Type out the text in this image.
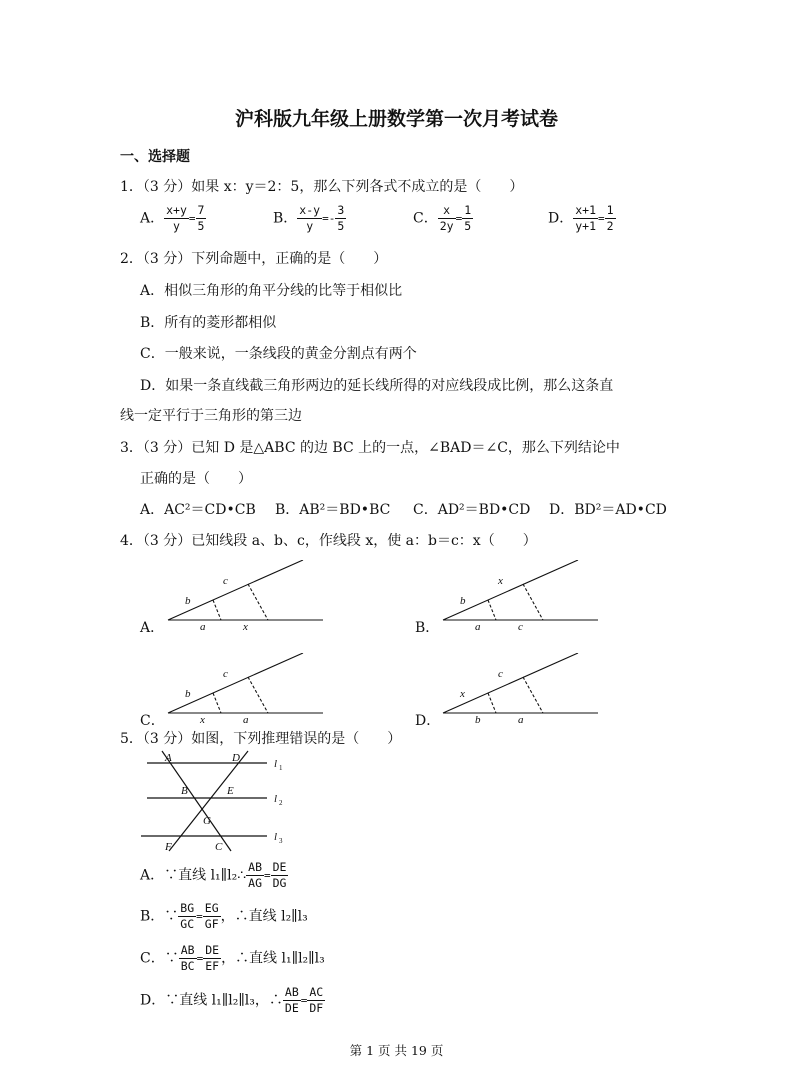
沪科版九年级上册数学第一次月考试卷
一、选择题
1．（3 分）如果 x：y＝2：5，那么下列各式不成立的是（　　）
A． $\frac{x+y}{y} = \frac{7}{5}$	B． $\frac{x-y}{y} =- \frac{3}{5}$	C． $\frac{x}{2y} = \frac{1}{5}$	D． $\frac{x+1}{y+1} = \frac{1}{2}$
2．（3 分）下列命题中，正确的是（　　）
A．相似三角形的角平分线的比等于相似比
B．所有的菱形都相似
C．一般来说，一条线段的黄金分割点有两个
D．如果一条直线截三角形两边的延长线所得的对应线段成比例，那么这条直
线一定平行于三角形的第三边
3．（3 分）已知 D 是△ABC 的边 BC 上的一点，∠BAD＝∠C，那么下列结论中
正确的是（　　）
A．AC²＝CD•CB B．AB²＝BD•BC C．AD²＝BD•CD D．BD²＝AD•CD
4．（3 分）已知线段 a、b、c，作线段 x，使 a：b＝c：x（　　）
A．
b
c
a	x	B．
b
x
a	c
C．
b
c
x	a	D．
x
c
b	a
5．（3 分）如图，下列推理错误的是（　　）
A	D
B	E
G
F	C
l 1
l 2
l 3
A．∵直线 l₁∥l₂∴ $\frac{AB}{AG} = \frac{DE}{DG}$
B．∵ $\frac{BG}{GC} = \frac{EG}{GF}$ ，∴直线 l₂∥l₃
C．∵ $\frac{AB}{BC} = \frac{DE}{EF}$ ，∴直线 l₁∥l₂∥l₃
D．∵直线 l₁∥l₂∥l₃，∴ $\frac{AB}{DE} = \frac{AC}{DF}$
第 1 页 共 19 页
